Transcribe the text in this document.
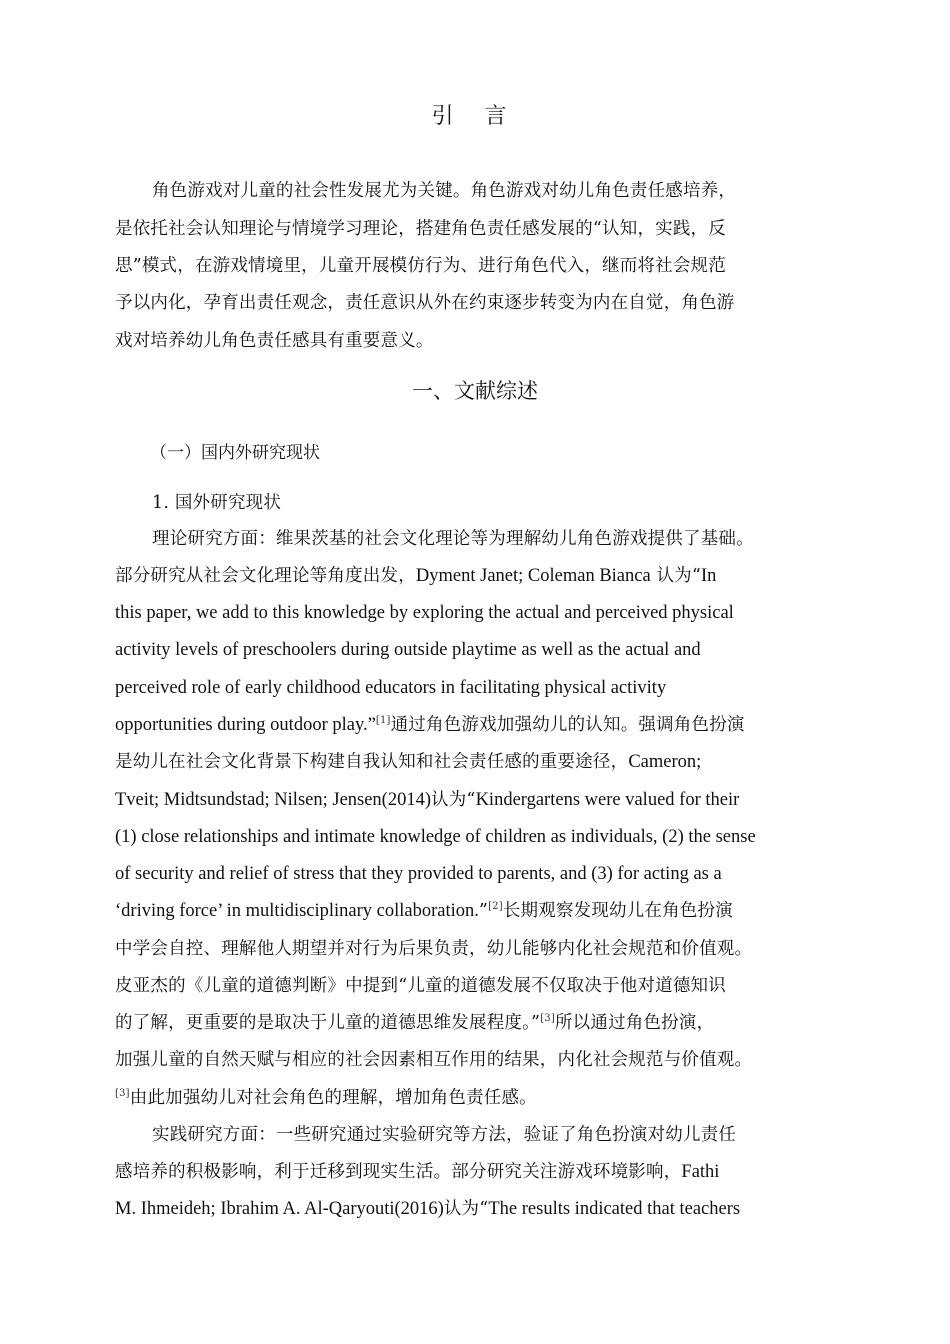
引 言
角色游戏对儿童的社会性发展尤为关键。角色游戏对幼儿角色责任感培养，
是依托社会认知理论与情境学习理论，搭建角色责任感发展的“认知，实践，反
思”模式，在游戏情境里，儿童开展模仿行为、进行角色代入，继而将社会规范
予以内化，孕育出责任观念，责任意识从外在约束逐步转变为内在自觉，角色游
戏对培养幼儿角色责任感具有重要意义。
一、文献综述
（一）国内外研究现状
1. 国外研究现状
理论研究方面：维果茨基的社会文化理论等为理解幼儿角色游戏提供了基础。
部分研究从社会文化理论等角度出发，Dyment Janet; Coleman Bianca 认为“In
this paper, we add to this knowledge by exploring the actual and perceived physical
activity levels of preschoolers during outside playtime as well as the actual and
perceived role of early childhood educators in facilitating physical activity
opportunities during outdoor play.”[1]通过角色游戏加强幼儿的认知。强调角色扮演
是幼儿在社会文化背景下构建自我认知和社会责任感的重要途径，Cameron;
Tveit; Midtsundstad; Nilsen; Jensen(2014)认为“Kindergartens were valued for their
(1) close relationships and intimate knowledge of children as individuals, (2) the sense
of security and relief of stress that they provided to parents, and (3) for acting as a
‘driving force’ in multidisciplinary collaboration.”[2]长期观察发现幼儿在角色扮演
中学会自控、理解他人期望并对行为后果负责，幼儿能够内化社会规范和价值观。
皮亚杰的《儿童的道德判断》中提到“儿童的道德发展不仅取决于他对道德知识
的了解，更重要的是取决于儿童的道德思维发展程度。”[3]所以通过角色扮演，
加强儿童的自然天赋与相应的社会因素相互作用的结果，内化社会规范与价值观。
[3]由此加强幼儿对社会角色的理解，增加角色责任感。
实践研究方面：一些研究通过实验研究等方法，验证了角色扮演对幼儿责任
感培养的积极影响，利于迁移到现实生活。部分研究关注游戏环境影响，Fathi
M. Ihmeideh; Ibrahim A. Al-Qaryouti(2016)认为“The results indicated that teachers
